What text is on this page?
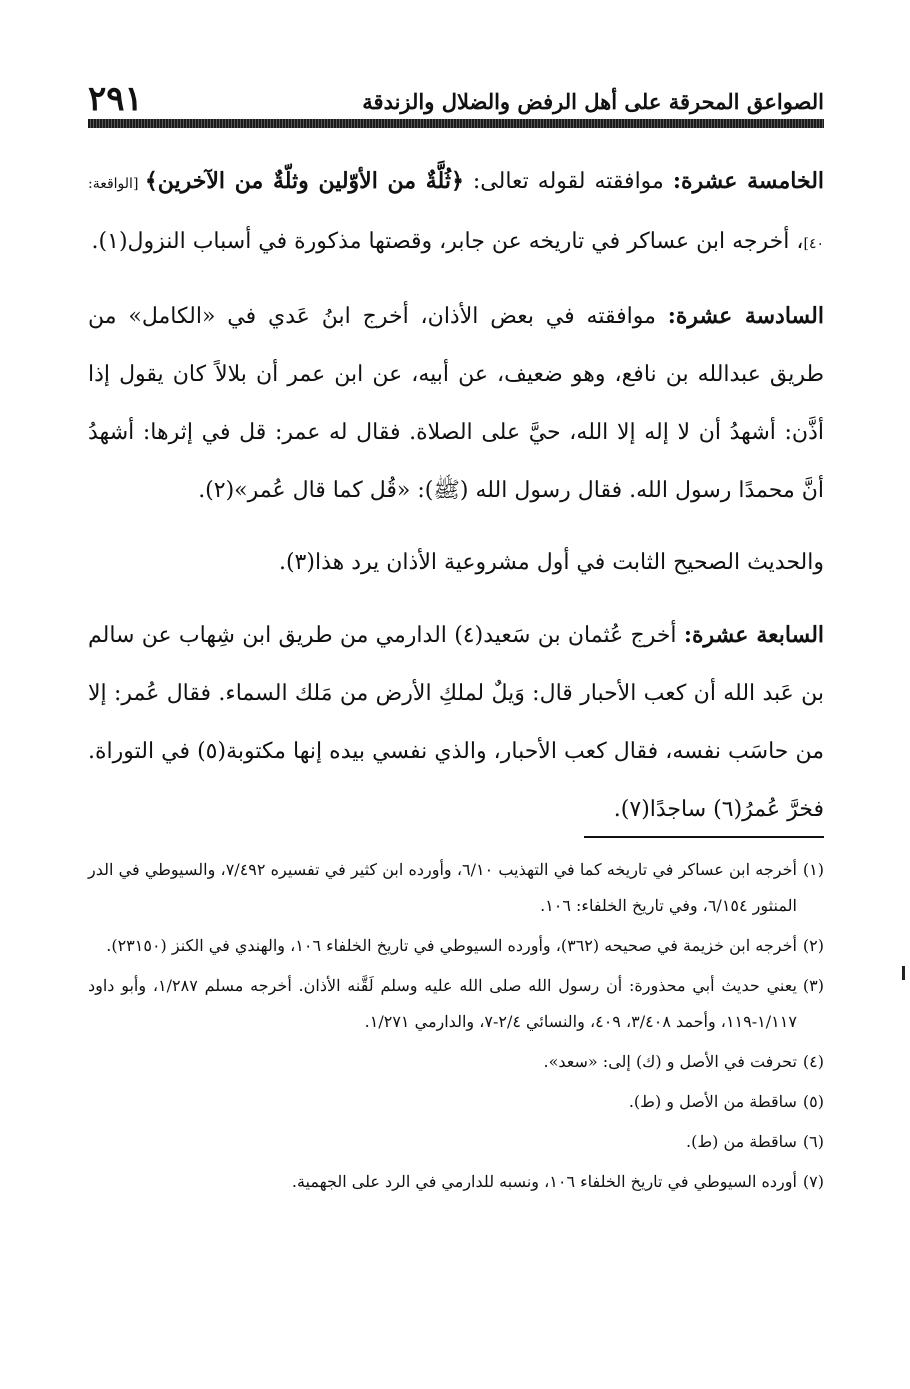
٢٩١	الصواعق المحرقة على أهل الرفض والضلال والزندقة

الخامسة عشرة: موافقته لقوله تعالى: ﴿ثُلَّةٌ من الأوّلين وثلّةٌ من الآخرين﴾ [الواقعة: ٤٠]، أخرجه ابن عساكر في تاريخه عن جابر، وقصتها مذكورة في أسباب النزول(١).

السادسة عشرة: موافقته في بعض الأذان، أخرج ابنُ عَدي في «الكامل» من طريق عبدالله بن نافع، وهو ضعيف، عن أبيه، عن ابن عمر أن بلالاً كان يقول إذا أذَّن: أشهدُ أن لا إله إلا الله، حيَّ على الصلاة. فقال له عمر: قل في إثرها: أشهدُ أنَّ محمدًا رسول الله. فقال رسول الله (ﷺ): «قُل كما قال عُمر»(٢).

والحديث الصحيح الثابت في أول مشروعية الأذان يرد هذا(٣).

السابعة عشرة: أخرج عُثمان بن سَعيد(٤) الدارمي من طريق ابن شِهاب عن سالم بن عَبد الله أن كعب الأحبار قال: وَيلٌ لملكِ الأرض من مَلك السماء. فقال عُمر: إلا من حاسَب نفسه، فقال كعب الأحبار، والذي نفسي بيده إنها مكتوبة(٥) في التوراة. فخرَّ عُمرُ(٦) ساجدًا(٧).

(١)
أخرجه ابن عساكر في تاريخه كما في التهذيب ٦/١٠، وأورده ابن كثير في تفسيره ٧/٤٩٢، والسيوطي في الدر المنثور ٦/١٥٤، وفي تاريخ الخلفاء: ١٠٦.
(٢)
أخرجه ابن خزيمة في صحيحه (٣٦٢)، وأورده السيوطي في تاريخ الخلفاء ١٠٦، والهندي في الكنز (٢٣١٥٠).
(٣)
يعني حديث أبي محذورة: أن رسول الله صلى الله عليه وسلم لَقَّنه الأذان. أخرجه مسلم ١/٢٨٧، وأبو داود ١/١١٧-١١٩، وأحمد ٣/٤٠٨، ٤٠٩، والنسائي ٢/٤-٧، والدارمي ١/٢٧١.
(٤)
تحرفت في الأصل و (ك) إلى: «سعد».
(٥)
ساقطة من الأصل و (ط).
(٦)
ساقطة من (ط).
(٧)
أورده السيوطي في تاريخ الخلفاء ١٠٦، ونسبه للدارمي في الرد على الجهمية.
